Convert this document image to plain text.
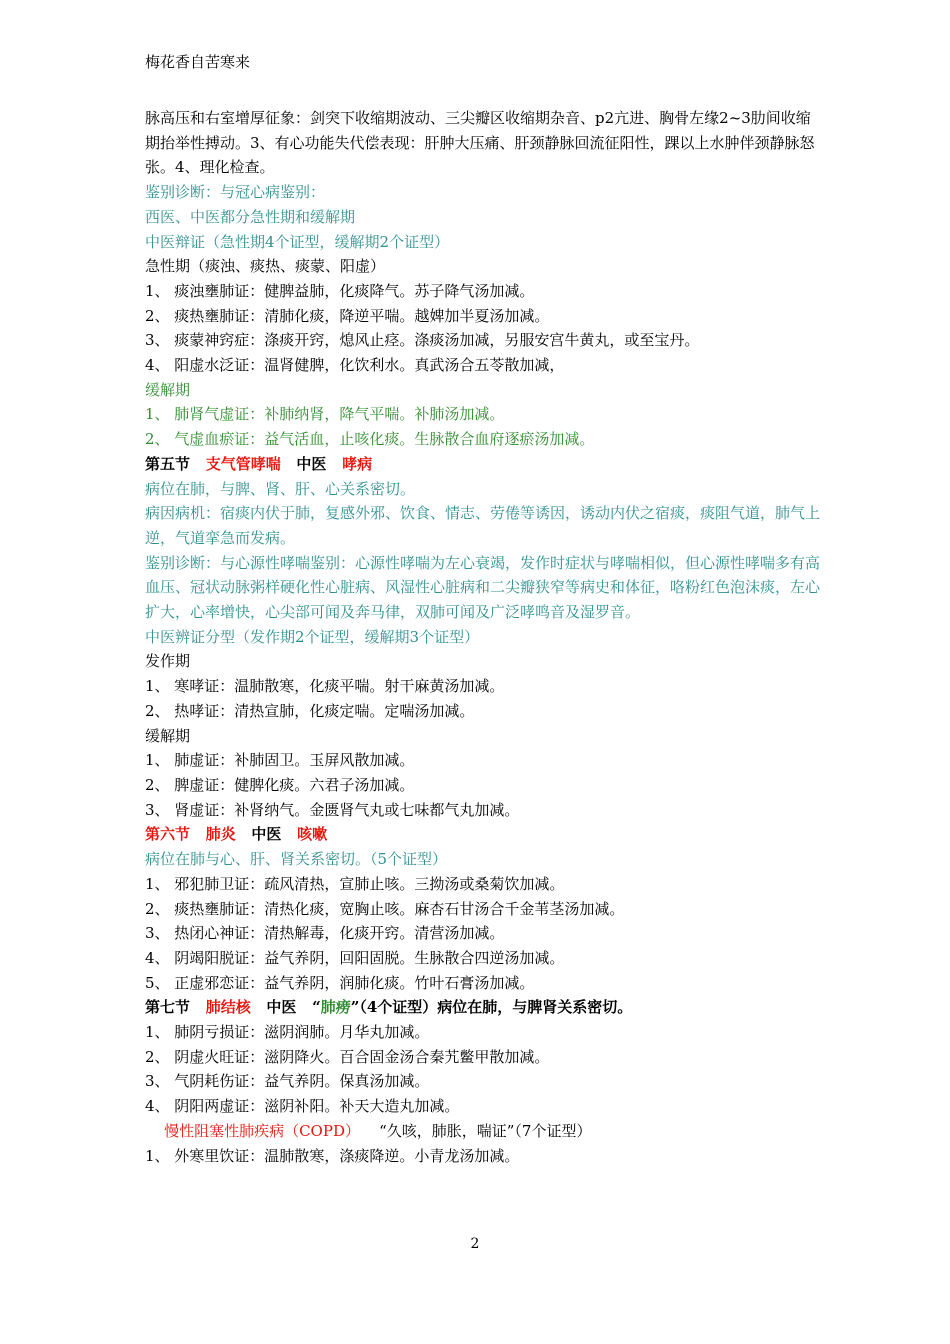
梅花香自苦寒来
脉高压和右室增厚征象：剑突下收缩期波动、三尖瓣区收缩期杂音、p2亢进、胸骨左缘2~3肋间收缩期抬举性搏动。3、有心功能失代偿表现：肝肿大压痛、肝颈静脉回流征阳性，踝以上水肿伴颈静脉怒张。4、理化检查。
鉴别诊断：与冠心病鉴别：
西医、中医都分急性期和缓解期
中医辩证（急性期4个证型，缓解期2个证型）
急性期（痰浊、痰热、痰蒙、阳虚）
1、 痰浊壅肺证：健脾益肺，化痰降气。苏子降气汤加减。
2、 痰热壅肺证：清肺化痰，降逆平喘。越婢加半夏汤加减。
3、 痰蒙神窍症：涤痰开窍，熄风止痉。涤痰汤加减，另服安宫牛黄丸，或至宝丹。
4、 阳虚水泛证：温肾健脾，化饮利水。真武汤合五苓散加减，
缓解期
1、 肺肾气虚证：补肺纳肾，降气平喘。补肺汤加减。
2、 气虚血瘀证：益气活血，止咳化痰。生脉散合血府逐瘀汤加减。
第五节 支气管哮喘 中医 哮病
病位在肺，与脾、肾、肝、心关系密切。
病因病机：宿痰内伏于肺，复感外邪、饮食、情志、劳倦等诱因，诱动内伏之宿痰，痰阻气道，肺气上逆，气道挛急而发病。
鉴别诊断：与心源性哮喘鉴别：心源性哮喘为左心衰竭，发作时症状与哮喘相似，但心源性哮喘多有高血压、冠状动脉粥样硬化性心脏病、风湿性心脏病和二尖瓣狭窄等病史和体征，咯粉红色泡沫痰，左心扩大，心率增快，心尖部可闻及奔马律，双肺可闻及广泛哮鸣音及湿罗音。
中医辨证分型（发作期2个证型，缓解期3个证型）
发作期
1、 寒哮证：温肺散寒，化痰平喘。射干麻黄汤加减。
2、 热哮证：清热宣肺，化痰定喘。定喘汤加减。
缓解期
1、 肺虚证：补肺固卫。玉屏风散加减。
2、 脾虚证：健脾化痰。六君子汤加减。
3、 肾虚证：补肾纳气。金匮肾气丸或七味都气丸加减。
第六节 肺炎 中医 咳嗽
病位在肺与心、肝、肾关系密切。（5个证型）
1、 邪犯肺卫证：疏风清热，宣肺止咳。三拗汤或桑菊饮加减。
2、 痰热壅肺证：清热化痰，宽胸止咳。麻杏石甘汤合千金苇茎汤加减。
3、 热闭心神证：清热解毒，化痰开窍。清营汤加减。
4、 阴竭阳脱证：益气养阴，回阳固脱。生脉散合四逆汤加减。
5、 正虚邪恋证：益气养阴，润肺化痰。竹叶石膏汤加减。
第七节 肺结核 中医 “肺痨”（4个证型）病位在肺，与脾肾关系密切。
1、 肺阴亏损证：滋阴润肺。月华丸加减。
2、 阴虚火旺证：滋阴降火。百合固金汤合秦艽鳖甲散加减。
3、 气阴耗伤证：益气养阴。保真汤加减。
4、 阴阳两虚证：滋阴补阳。补天大造丸加减。
慢性阻塞性肺疾病（COPD） “久咳，肺胀，喘证”（7个证型）
1、 外寒里饮证：温肺散寒，涤痰降逆。小青龙汤加减。
2
